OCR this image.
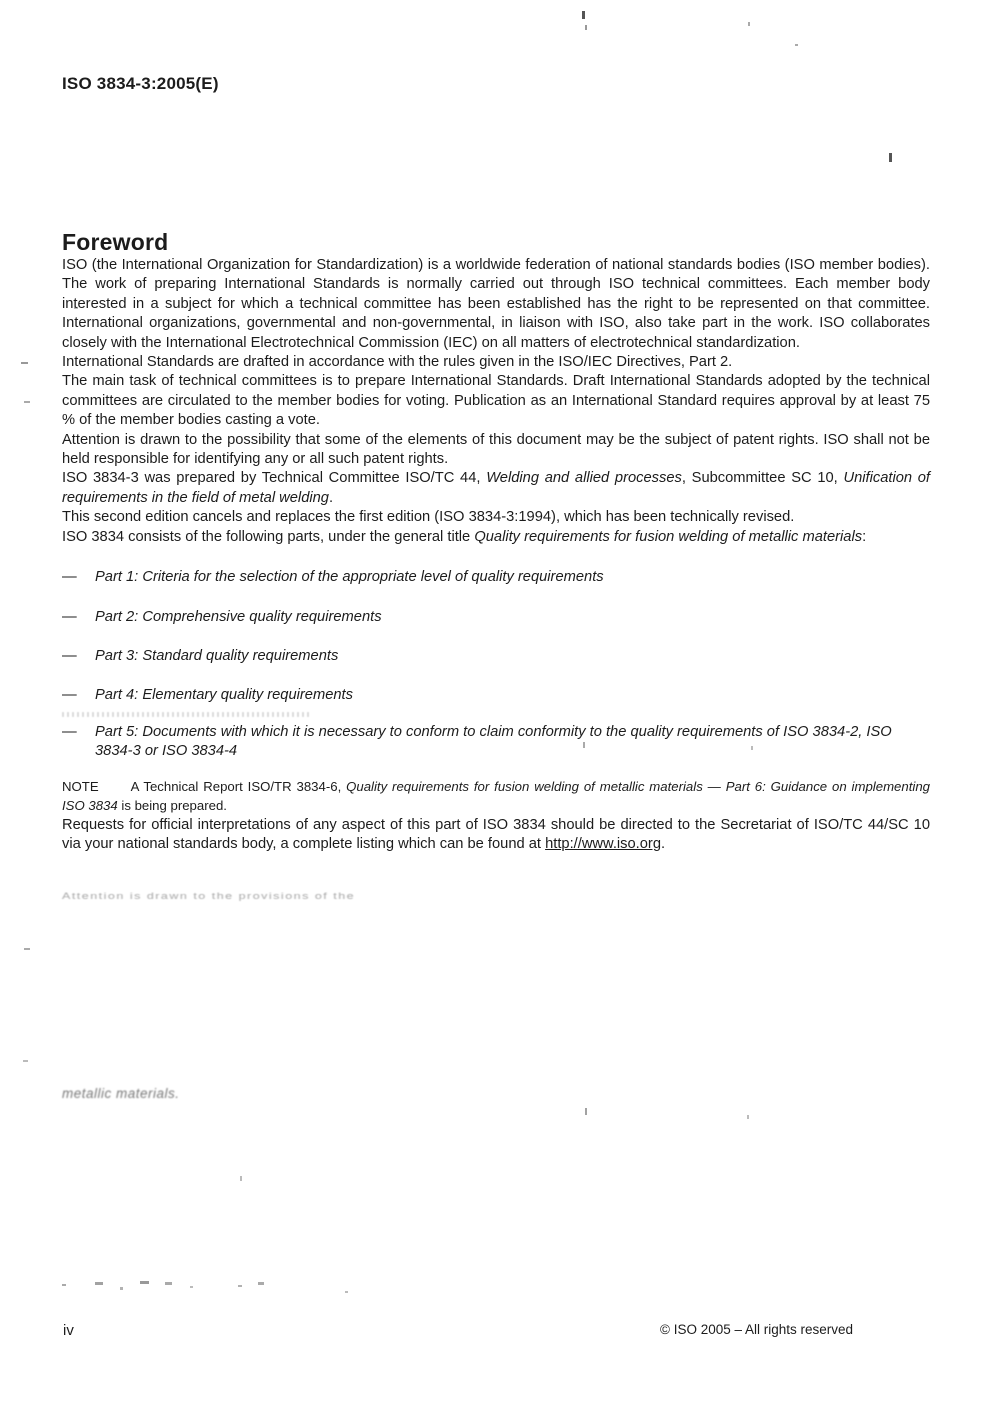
ISO 3834-3:2005(E)

Foreword

ISO (the International Organization for Standardization) is a worldwide federation of national standards bodies (ISO member bodies). The work of preparing International Standards is normally carried out through ISO technical committees. Each member body interested in a subject for which a technical committee has been established has the right to be represented on that committee. International organizations, governmental and non-governmental, in liaison with ISO, also take part in the work. ISO collaborates closely with the International Electrotechnical Commission (IEC) on all matters of electrotechnical standardization.

International Standards are drafted in accordance with the rules given in the ISO/IEC Directives, Part 2.

The main task of technical committees is to prepare International Standards. Draft International Standards adopted by the technical committees are circulated to the member bodies for voting. Publication as an International Standard requires approval by at least 75 % of the member bodies casting a vote.

Attention is drawn to the possibility that some of the elements of this document may be the subject of patent rights. ISO shall not be held responsible for identifying any or all such patent rights.

ISO 3834-3 was prepared by Technical Committee ISO/TC 44, Welding and allied processes, Subcommittee SC 10, Unification of requirements in the field of metal welding.

This second edition cancels and replaces the first edition (ISO 3834-3:1994), which has been technically revised.

ISO 3834 consists of the following parts, under the general title Quality requirements for fusion welding of metallic materials:

—	Part 1: Criteria for the selection of the appropriate level of quality requirements
—	Part 2: Comprehensive quality requirements
—	Part 3: Standard quality requirements
—	Part 4: Elementary quality requirements
—	Part 5: Documents with which it is necessary to conform to claim conformity to the quality requirements of ISO 3834-2, ISO 3834-3 or ISO 3834-4

NOTE A Technical Report ISO/TR 3834-6, Quality requirements for fusion welding of metallic materials — Part 6: Guidance on implementing ISO 3834 is being prepared.

Requests for official interpretations of any aspect of this part of ISO 3834 should be directed to the Secretariat of ISO/TC 44/SC 10 via your national standards body, a complete listing which can be found at http://www.iso.org.

iv	© ISO 2005 – All rights reserved
Attention is drawn to the provisions of the
metallic materials.
